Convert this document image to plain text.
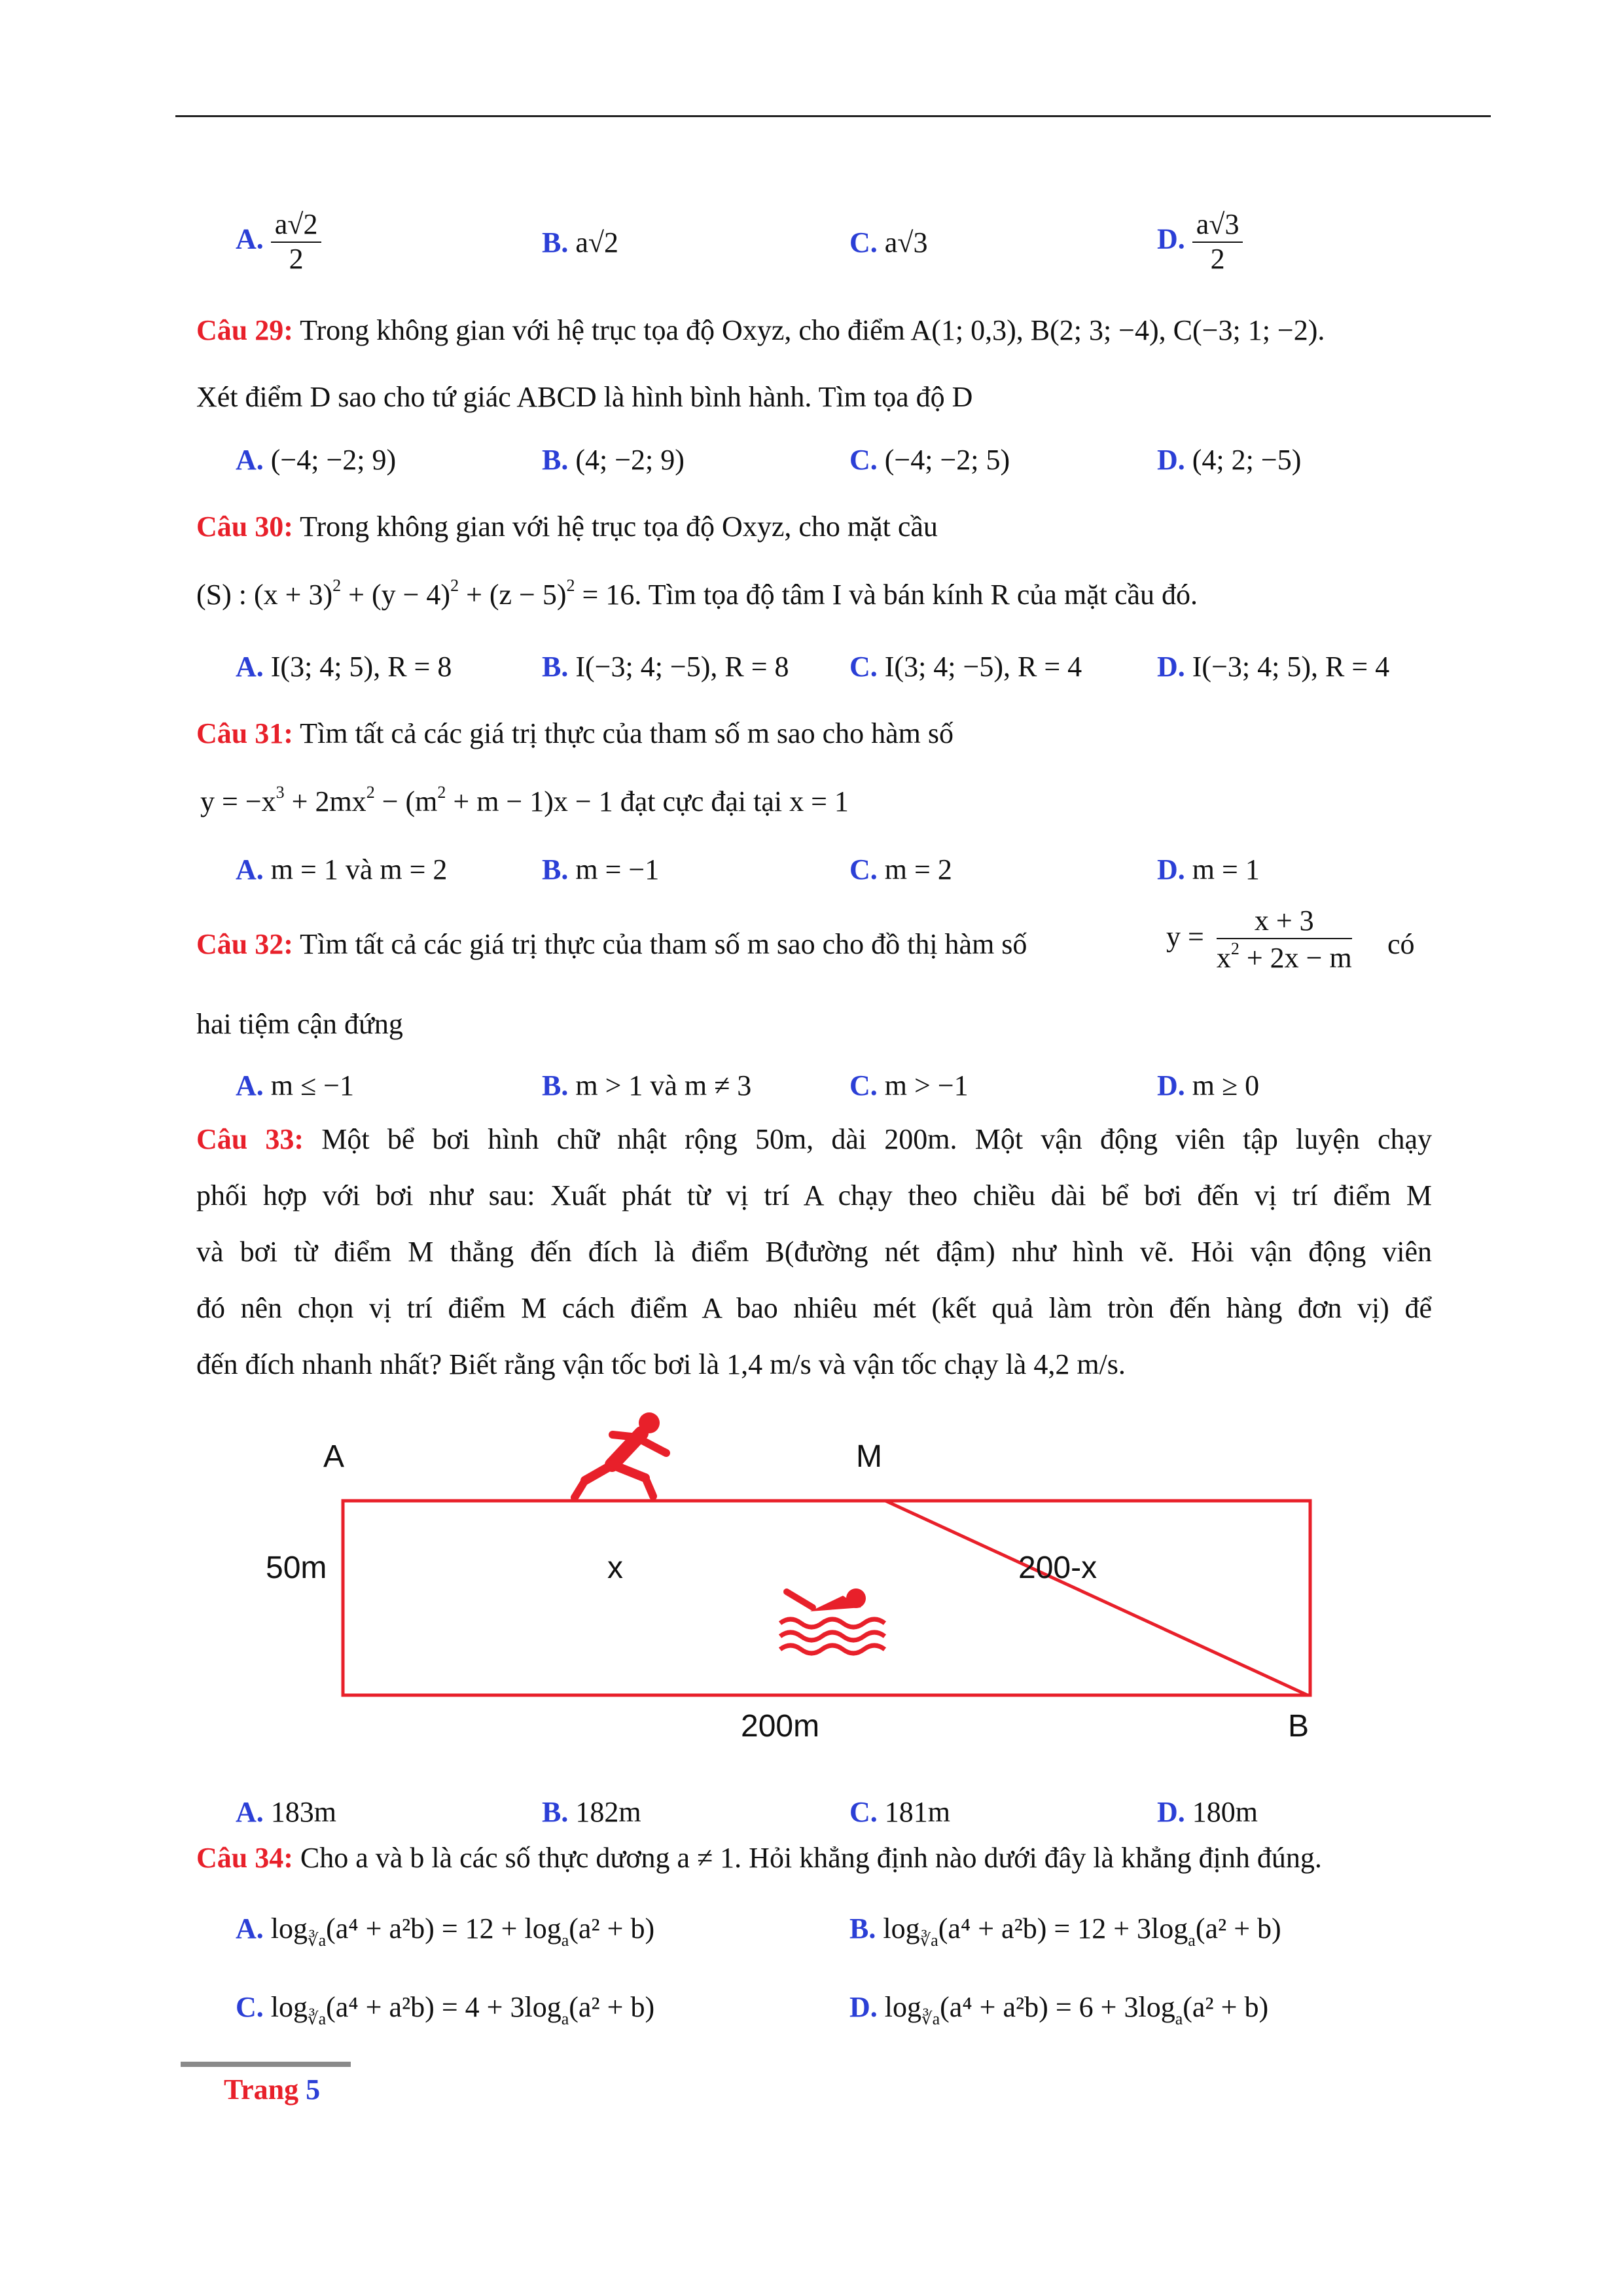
A. $\frac{a√2}{2}$	B. a√2	C. a√3	D. $\frac{a√3}{2}$
Câu 29: Trong không gian với hệ trục tọa độ Oxyz, cho điểm A(1; 0,3), B(2; 3; −4), C(−3; 1; −2).
Xét điểm D sao cho tứ giác ABCD là hình bình hành. Tìm tọa độ D
A. (−4; −2; 9)	B. (4; −2; 9)	C. (−4; −2; 5)	D. (4; 2; −5)
Câu 30: Trong không gian với hệ trục tọa độ Oxyz, cho mặt cầu
(S) : $(x + 3)^2 + (y - 4)^2 + (z - 5)^2 = 16$. Tìm tọa độ tâm I và bán kính R của mặt cầu đó.
A. I(3; 4; 5), R = 8	B. I(−3; 4; −5), R = 8 C. I(3; 4; −5), R = 4	D. I(−3; 4; 5), R = 4
Câu 31: Tìm tất cả các giá trị thực của tham số m sao cho hàm số
$y = -x^3 + 2mx^2 - (m^2 + m - 1)x - 1$ đạt cực đại tại x = 1
A. m = 1 và m = 2	B. m = −1	C. m = 2	D. m = 1
Câu 32: Tìm tất cả các giá trị thực của tham số m sao cho đồ thị hàm số	$y = \frac{x + 3}{x^2 + 2x - m}$ có
hai tiệm cận đứng
A. m ≤ −1	B. m > 1 và m ≠ 3	C. m > −1	D. m ≥ 0
Câu 33: Một bể bơi hình chữ nhật rộng 50m, dài 200m. Một vận động viên tập luyện chạy
phối hợp với bơi như sau: Xuất phát từ vị trí A chạy theo chiều dài bể bơi đến vị trí điểm M
và bơi từ điểm M thẳng đến đích là điểm B(đường nét đậm) như hình vẽ. Hỏi vận động viên
đó nên chọn vị trí điểm M cách điểm A bao nhiêu mét (kết quả làm tròn đến hàng đơn vị) để
đến đích nhanh nhất? Biết rằng vận tốc bơi là 1,4 m/s và vận tốc chạy là 4,2 m/s.
A	M
B
50m	x	200-x
200m
A. 183m	B. 182m	C. 181m	D. 180m
Câu 34: Cho a và b là các số thực dương a ≠ 1. Hỏi khẳng định nào dưới đây là khẳng định đúng.
A. $\log_{∛a}(a^4 + a^2b) = 12 + \log_a(a^2 + b)$	B. $\log_{∛a}(a^4 + a^2b) = 12 + 3\log_a(a^2 + b)$
C. $\log_{∛a}(a^4 + a^2b) = 4 + 3\log_a(a^2 + b)$	D. $\log_{∛a}(a^4 + a^2b) = 6 + 3\log_a(a^2 + b)$
Trang 5
